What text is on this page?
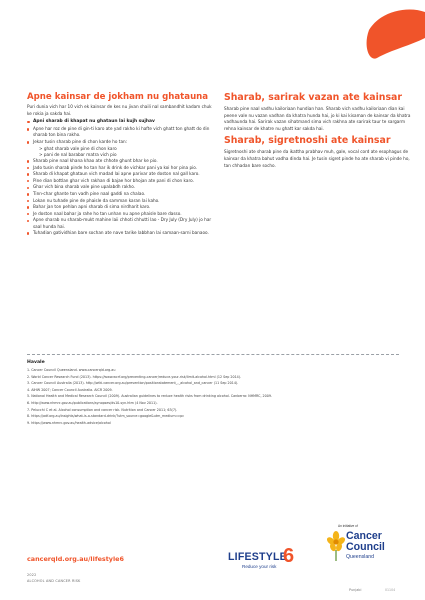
Apne kainsar de jokham nu ghatauna

Puri dunia vich har 10 vich ek kainsar de kes nu jivan shaili nal sambandhit kadam chuk ke rokia ja sakda hai.

Apni sharab di khapat nu ghataun lai kujh sujhav
Apne har roz de pine di gin-ti karo ate yad rakho ki hafte vich ghatt ton ghatt do din sharab ton bina rakho.
Jekar tusin sharab pine di chon karde ho tan:
> ghat sharab vale pine di chon karo
> pani de nal barabar matra vich pio
Sharab pine naal khana khao ate chhote ghunt bhar ke pio.
Jado tusin sharab pinde ho tan har ik drink de vichkar pani ya koi hor pina pio.
Sharab di khapat ghataun vich madad lai apne parivar ate doston nal gall karo.
Pine dian bottlan ghar vich rakhan di bajae hor bhojan ate pani di chon karo.
Ghar vich bina sharab vale pine upalabdh rakho.
Tinn-char ghante ton vadh pine naal gaddi na chalao.
Lokan nu tuhade pine de phaisle da samman karan lai kaho.
Bahar jan ton pehlan apni sharab di sima nirdharit karo.
Je doston naal bahar ja rahe ho tan unhan nu apne phaisle bare dasso.
Apne sharab nu sharab-mukt mahine laii chhoti chhutti lao - Dry July (Dry July) jo har saal hunda hai.
Tuhadian gatividhian bare sochan ate nave tarike labbhan lai samaan-sarni banaoo.
Sharab, sarirak vazan ate kainsar

Sharab pine naal vadhu kailoriaan hundian han. Sharab vich vadhu kailoriaan dian kai peene vale nu vazan vadhan da khatra hunda hai, jo ki kai kisaman de kainsar da khatra vadhaunda hai. Sarirak vazan sihatmand sima vich rakhna ate sarirak taur te sargarm rehna kainsar de khatre nu ghatt kar sakda hai.

Sharab, sigretnoshi ate kainsar

Sigretnoshi ate sharab pine da ikattha prabhav muh, gale, vocal cord ate esophagus de kainsar da khatra bahut vadha dinda hai. Je tusin sigret pinde ho ate sharab vi pinde ho, tan chhadan bare socho.

Havale
1. Cancer Council Queensland. www.cancerqld.org.au
2. World Cancer Research Fund (2013). https://www.wcrf.org/preventing-cancer/reduce-your-risk/limit-alcohol.html (12 Sep 2014).
3. Cancer Council Australia (2013). http://wiki.cancer.org.au/prevention/positionstatement_-_alcohol_and_cancer (11 Sep 2014).
4. AIHW 2007; Cancer Council Australia. AICR 2009.
5. National Health and Medical Research Council (2009). Australian guidelines to reduce health risks from drinking alcohol. Canberra: NHMRC, 2009.
6. http://www.nhmrc.gov.au/publications/synopses/ds10-syn.htm (4 Nov 2011).
7. Pelucchi C et al. Alcohol consumption and cancer risk. Nutrition and Cancer 2011; 63(7).
8. https://adf.org.au/insights/what-is-a-standard-drink/?utm_source=google&utm_medium=cpc
9. https://www.nhmrc.gov.au/health-advice/alcohol
cancerqld.org.au/lifestyle6
2022
ALCOHOL AND CANCER RISK
LIFESTYLE
6
Reduce your risk
An initiative of
Cancer
Council
Queensland
Punjabi	01104
